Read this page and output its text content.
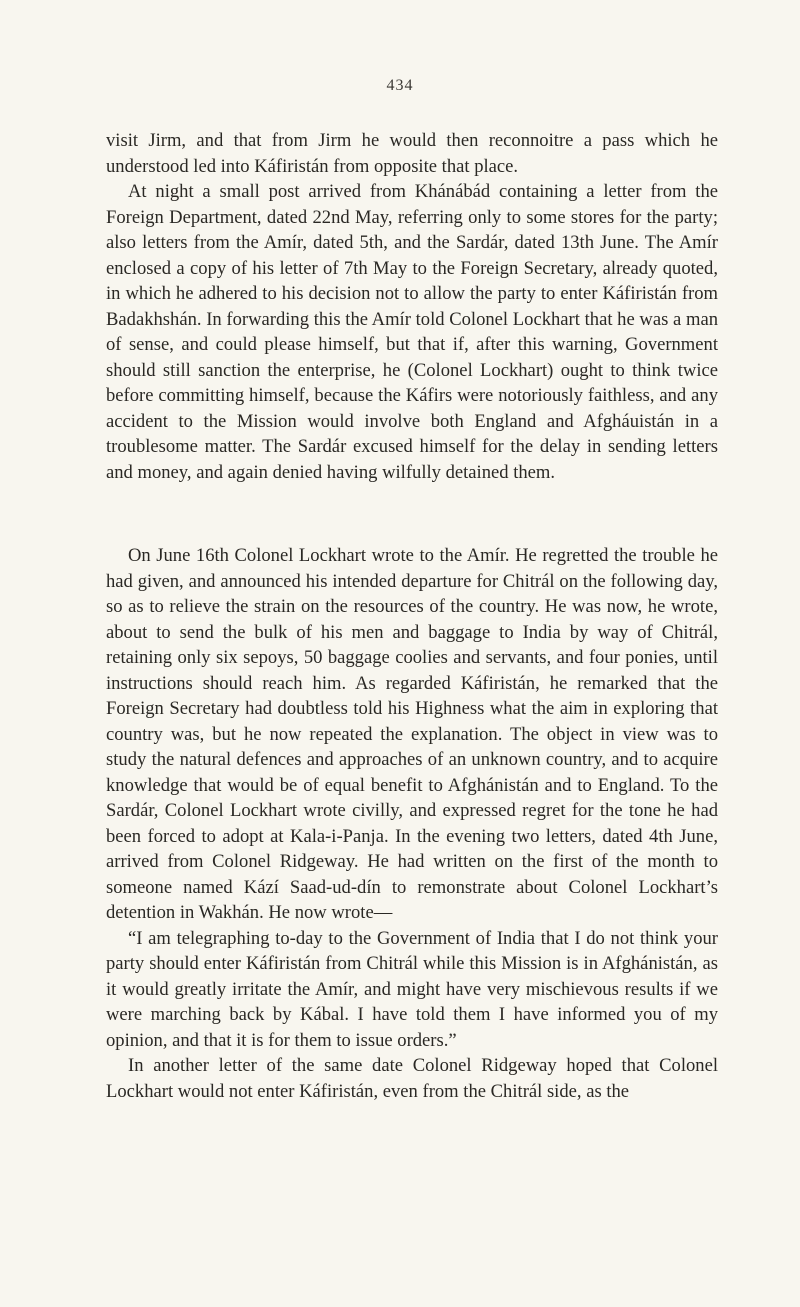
434

visit Jirm, and that from Jirm he would then reconnoitre a pass which he understood led into Káfiristán from opposite that place.

At night a small post arrived from Khánábád containing a letter from the Foreign Department, dated 22nd May, referring only to some stores for the party; also letters from the Amír, dated 5th, and the Sardár, dated 13th June. The Amír enclosed a copy of his letter of 7th May to the Foreign Secretary, already quoted, in which he adhered to his decision not to allow the party to enter Káfiristán from Badakhshán. In forwarding this the Amír told Colonel Lockhart that he was a man of sense, and could please himself, but that if, after this warning, Government should still sanction the enterprise, he (Colonel Lockhart) ought to think twice before committing himself, because the Káfirs were notoriously faithless, and any accident to the Mission would involve both England and Afgháuistán in a troublesome matter. The Sardár excused himself for the delay in sending letters and money, and again denied having wilfully detained them.

On June 16th Colonel Lockhart wrote to the Amír. He regretted the trouble he had given, and announced his intended departure for Chitrál on the following day, so as to relieve the strain on the resources of the country. He was now, he wrote, about to send the bulk of his men and baggage to India by way of Chitrál, retaining only six sepoys, 50 baggage coolies and servants, and four ponies, until instructions should reach him. As regarded Káfiristán, he remarked that the Foreign Secretary had doubtless told his Highness what the aim in exploring that country was, but he now repeated the explanation. The object in view was to study the natural defences and approaches of an unknown country, and to acquire knowledge that would be of equal benefit to Afghánistán and to England. To the Sardár, Colonel Lockhart wrote civilly, and expressed regret for the tone he had been forced to adopt at Kala-i-Panja. In the evening two letters, dated 4th June, arrived from Colonel Ridgeway. He had written on the first of the month to someone named Kází Saad-ud-dín to remonstrate about Colonel Lockhart’s detention in Wakhán. He now wrote—

“I am telegraphing to-day to the Government of India that I do not think your party should enter Káfiristán from Chitrál while this Mission is in Afghánistán, as it would greatly irritate the Amír, and might have very mischievous results if we were marching back by Kábal. I have told them I have informed you of my opinion, and that it is for them to issue orders.”

In another letter of the same date Colonel Ridgeway hoped that Colonel Lockhart would not enter Káfiristán, even from the Chitrál side, as the
